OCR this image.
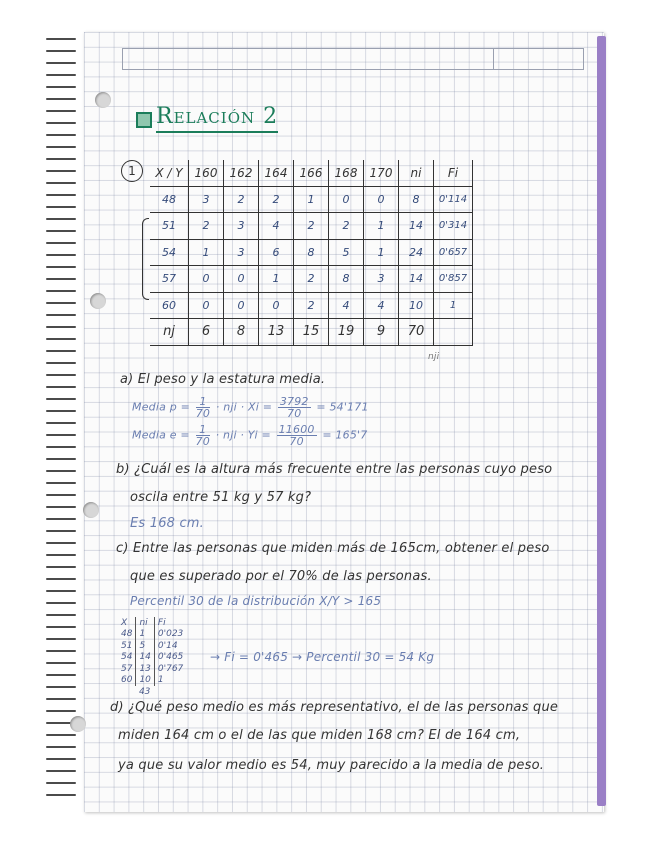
Relación 2
1	X / Y	160	162	164	166	168	170	ni	Fi
48	3	2	2	1	0	0	8	0'114
51	2	3	4	2	2	1	14	0'314
54	1	3	6	8	5	1	24	0'657
57	0	0	1	2	8	3	14	0'857
60	0	0	0	2	4	4	10	1
nj	6	8	13	15	19	9	70	
nji
a) El peso y la estatura media.
Media $p = \frac{1}{70}$ · nji · $Xi = \frac{3792}{70} = 54'171$
Media $e = \frac{1}{70}$ · nji · $Yi = \frac{11600}{70} = 165'7$
b) ¿Cuál es la altura más frecuente entre las personas cuyo peso
oscila entre 51 kg y 57 kg?
Es 168 cm.
c) Entre las personas que miden más de 165cm, obtener el peso
que es superado por el 70% de las personas.
Percentil 30 de la distribución X/Y > 165
X	ni	Fi
48	1	0'023
51	5	0'14
54	14	0'465
57	13	0'767
60	10	1
	43	
→ Fi = 0'465 → Percentil 30 = 54 Kg
d) ¿Qué peso medio es más representativo, el de las personas que
miden 164 cm o el de las que miden 168 cm? El de 164 cm,
ya que su valor medio es 54, muy parecido a la media de peso.
